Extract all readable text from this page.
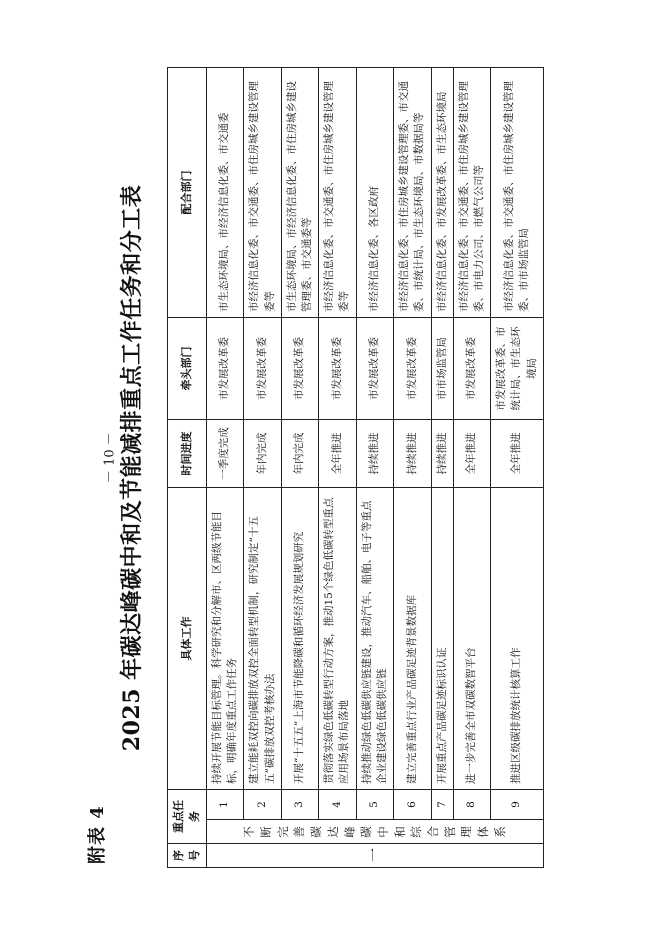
－ 10 －
附表 4
2025 年碳达峰碳中和及节能减排重点工作任务和分工表
序号	重点任务		具体工作	时间进度	牵头部门	配合部门
一	不断完善碳达峰碳中和综合管理体系	1	持续开展节能目标管理。科学研究和分解市、区两级节能目标，明确年度重点工作任务	一季度完成	市发展改革委	市生态环境局、市经济信息化委、市交通委
		2	建立能耗双控向碳排放双控全面转型机制，研究制定“十五五”碳排放双控考核办法	年内完成	市发展改革委	市经济信息化委、市交通委、市住房城乡建设管理委等
		3	开展“十五五”上海市节能降碳和循环经济发展规划研究	年内完成	市发展改革委	市生态环境局、市经济信息化委、市住房城乡建设管理委、市交通委等
		4	贯彻落实绿色低碳转型行动方案，推动15个绿色低碳转型重点应用场景布局落地	全年推进	市发展改革委	市经济信息化委、市交通委、市住房城乡建设管理委等
		5	持续推动绿色低碳供应链建设，推动汽车、船舶、电子等重点企业建设绿色低碳供应链	持续推进	市发展改革委	市经济信息化委、各区政府
		6	建立完善重点行业产品碳足迹背景数据库	持续推进	市发展改革委	市经济信息化委、市住房城乡建设管理委、市交通委、市统计局、市生态环境局、市数据局等
		7	开展重点产品碳足迹标识认证	持续推进	市市场监管局	市经济信息化委、市发展改革委、市生态环境局
		8	进一步完善全市双碳数智平台	全年推进	市发展改革委	市经济信息化委、市交通委、市住房城乡建设管理委、市电力公司、市燃气公司等
		9	推进区级碳排放统计核算工作	全年推进	市发展改革委、市统计局、市生态环境局	市经济信息化委、市交通委、市住房城乡建设管理委、市市场监管局
